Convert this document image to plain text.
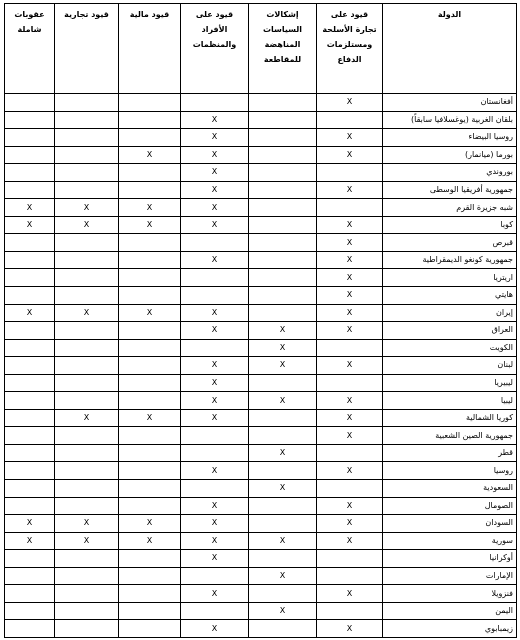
الدولة	قيود على تجارة الأسلحة ومستلزمات الدفاع	إشكالات السياسات المناهضة للمقاطعة	قيود على الأفراد والمنظمات	قيود مالية	قيود تجارية	عقوبات شاملة
أفغانستان	X					
بلقان الغربية (يوغسلافيا سابقاً)			X			
روسيا البيضاء	X		X			
بورما (ميانمار)	X		X	X		
بوروندي			X			
جمهورية أفريقيا الوسطى	X		X			
شبه جزيرة القرم			X	X	X	X
كوبا	X		X	X	X	X
قبرص	X					
جمهورية كونغو الديمقراطية	X		X			
اريتريا	X					
هايتي	X					
إيران	X		X	X	X	X
العراق	X	X	X			
الكويت		X				
لبنان	X	X	X			
ليبيريا			X			
ليبيا	X	X	X			
كوريا الشمالية	X		X	X	X	
جمهورية الصين الشعبية	X					
قطر		X				
روسيا	X		X			
السعودية		X				
الصومال	X		X			
السودان	X		X	X	X	X
سورية	X	X	X	X	X	X
أوكرانيا			X			
الإمارات		X				
فنزويلا	X		X			
اليمن		X				
زيمبابوي	X		X			
